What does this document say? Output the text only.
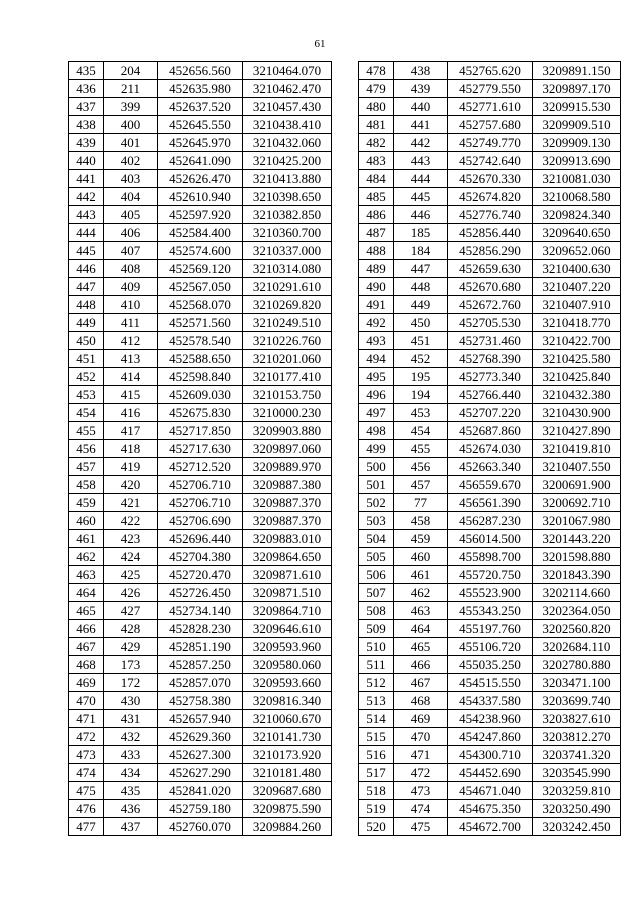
61
435	204	452656.560	3210464.070
436	211	452635.980	3210462.470
437	399	452637.520	3210457.430
438	400	452645.550	3210438.410
439	401	452645.970	3210432.060
440	402	452641.090	3210425.200
441	403	452626.470	3210413.880
442	404	452610.940	3210398.650
443	405	452597.920	3210382.850
444	406	452584.400	3210360.700
445	407	452574.600	3210337.000
446	408	452569.120	3210314.080
447	409	452567.050	3210291.610
448	410	452568.070	3210269.820
449	411	452571.560	3210249.510
450	412	452578.540	3210226.760
451	413	452588.650	3210201.060
452	414	452598.840	3210177.410
453	415	452609.030	3210153.750
454	416	452675.830	3210000.230
455	417	452717.850	3209903.880
456	418	452717.630	3209897.060
457	419	452712.520	3209889.970
458	420	452706.710	3209887.380
459	421	452706.710	3209887.370
460	422	452706.690	3209887.370
461	423	452696.440	3209883.010
462	424	452704.380	3209864.650
463	425	452720.470	3209871.610
464	426	452726.450	3209871.510
465	427	452734.140	3209864.710
466	428	452828.230	3209646.610
467	429	452851.190	3209593.960
468	173	452857.250	3209580.060
469	172	452857.070	3209593.660
470	430	452758.380	3209816.340
471	431	452657.940	3210060.670
472	432	452629.360	3210141.730
473	433	452627.300	3210173.920
474	434	452627.290	3210181.480
475	435	452841.020	3209687.680
476	436	452759.180	3209875.590
477	437	452760.070	3209884.260
478	438	452765.620	3209891.150
479	439	452779.550	3209897.170
480	440	452771.610	3209915.530
481	441	452757.680	3209909.510
482	442	452749.770	3209909.130
483	443	452742.640	3209913.690
484	444	452670.330	3210081.030
485	445	452674.820	3210068.580
486	446	452776.740	3209824.340
487	185	452856.440	3209640.650
488	184	452856.290	3209652.060
489	447	452659.630	3210400.630
490	448	452670.680	3210407.220
491	449	452672.760	3210407.910
492	450	452705.530	3210418.770
493	451	452731.460	3210422.700
494	452	452768.390	3210425.580
495	195	452773.340	3210425.840
496	194	452766.440	3210432.380
497	453	452707.220	3210430.900
498	454	452687.860	3210427.890
499	455	452674.030	3210419.810
500	456	452663.340	3210407.550
501	457	456559.670	3200691.900
502	77	456561.390	3200692.710
503	458	456287.230	3201067.980
504	459	456014.500	3201443.220
505	460	455898.700	3201598.880
506	461	455720.750	3201843.390
507	462	455523.900	3202114.660
508	463	455343.250	3202364.050
509	464	455197.760	3202560.820
510	465	455106.720	3202684.110
511	466	455035.250	3202780.880
512	467	454515.550	3203471.100
513	468	454337.580	3203699.740
514	469	454238.960	3203827.610
515	470	454247.860	3203812.270
516	471	454300.710	3203741.320
517	472	454452.690	3203545.990
518	473	454671.040	3203259.810
519	474	454675.350	3203250.490
520	475	454672.700	3203242.450
